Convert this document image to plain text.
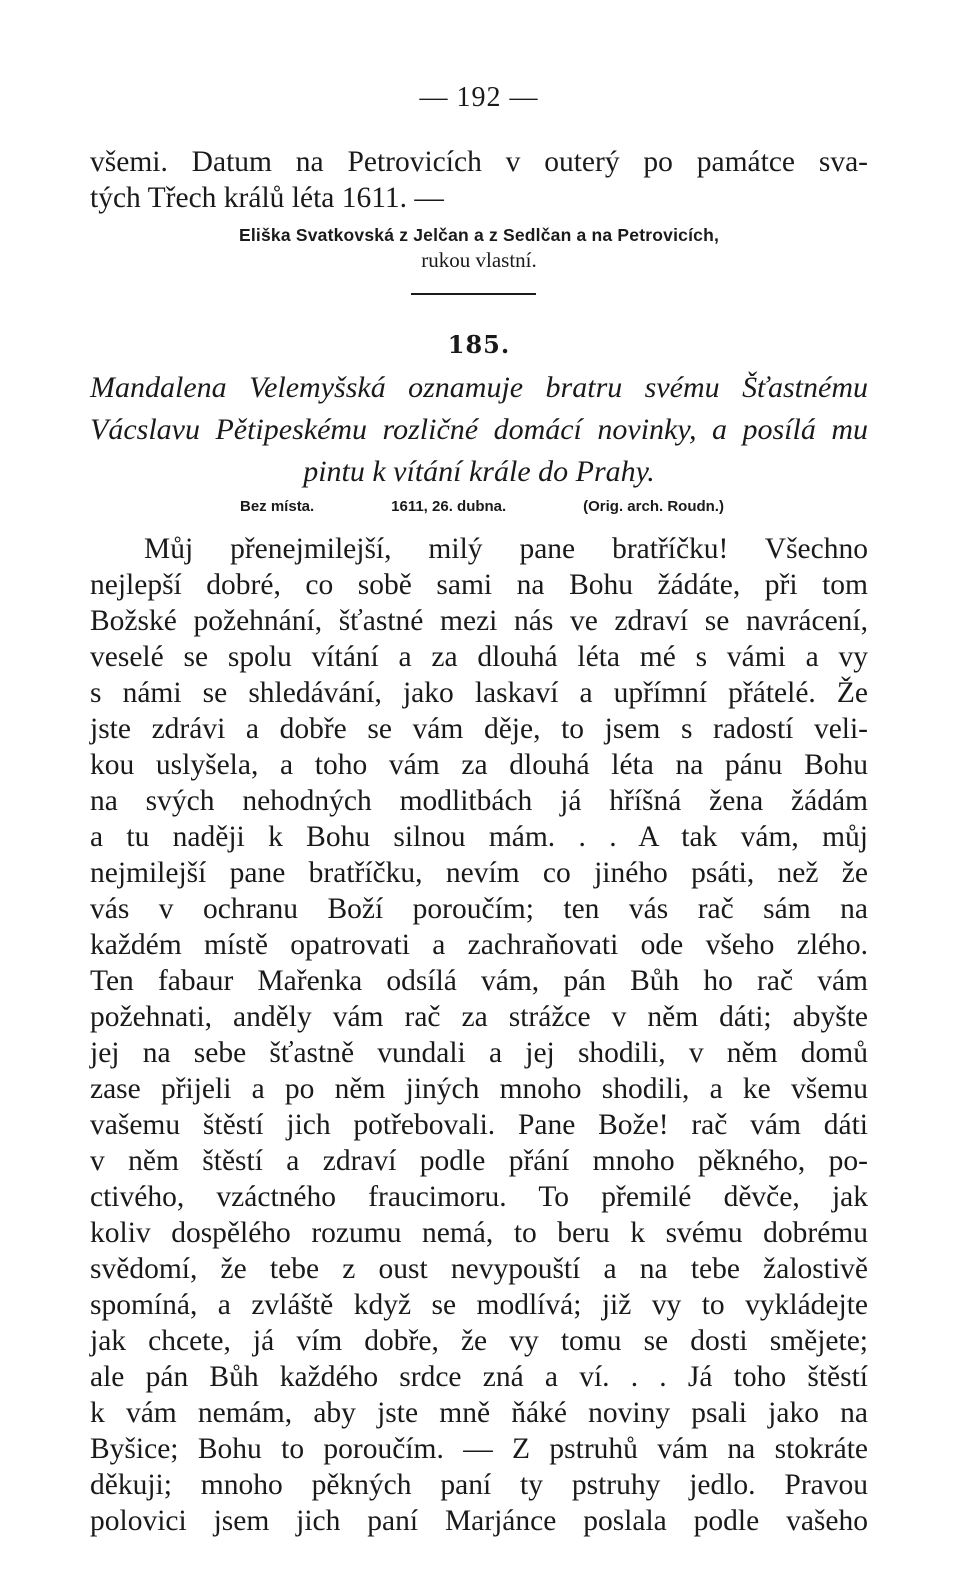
— 192 —
všemi. Datum na Petrovicích v outerý po památce sva-
tých Třech králů léta 1611. —
Eliška Svatkovská z Jelčan a z Sedlčan a na Petrovicích,
rukou vlastní.
185.
Mandalena Velemyšská oznamuje bratru svému Šťastnému
Vácslavu Pětipeskému rozličné domácí novinky, a posílá mu
pintu k vítání krále do Prahy.
Bez místa.	1611, 26. dubna.	(Orig. arch. Roudn.)
Můj přenejmilejší, milý pane bratříčku! Všechno
nejlepší dobré, co sobě sami na Bohu žádáte, při tom
Božské požehnání, šťastné mezi nás ve zdraví se navrácení,
veselé se spolu vítání a za dlouhá léta mé s vámi a vy
s námi se shledávání, jako laskaví a upřímní přátelé. Že
jste zdrávi a dobře se vám děje, to jsem s radostí veli-
kou uslyšela, a toho vám za dlouhá léta na pánu Bohu
na svých nehodných modlitbách já hříšná žena žádám
a tu naději k Bohu silnou mám. . . A tak vám, můj
nejmilejší pane bratříčku, nevím co jiného psáti, než že
vás v ochranu Boží poroučím; ten vás rač sám na
každém místě opatrovati a zachraňovati ode všeho zlého.
Ten fabaur Mařenka odsílá vám, pán Bůh ho rač vám
požehnati, anděly vám rač za strážce v něm dáti; abyšte
jej na sebe šťastně vundali a jej shodili, v něm domů
zase přijeli a po něm jiných mnoho shodili, a ke všemu
vašemu štěstí jich potřebovali. Pane Bože! rač vám dáti
v něm štěstí a zdraví podle přání mnoho pěkného, po-
ctivého, vzáctného fraucimoru. To přemilé děvče, jak
koliv dospělého rozumu nemá, to beru k svému dobrému
svědomí, že tebe z oust nevypouští a na tebe žalostivě
spomíná, a zvláště když se modlívá; již vy to vykládejte
jak chcete, já vím dobře, že vy tomu se dosti smějete;
ale pán Bůh každého srdce zná a ví. . . Já toho štěstí
k vám nemám, aby jste mně ňáké noviny psali jako na
Byšice; Bohu to poroučím. — Z pstruhů vám na stokráte
děkuji; mnoho pěkných paní ty pstruhy jedlo. Pravou
polovici jsem jich paní Marjánce poslala podle vašeho
